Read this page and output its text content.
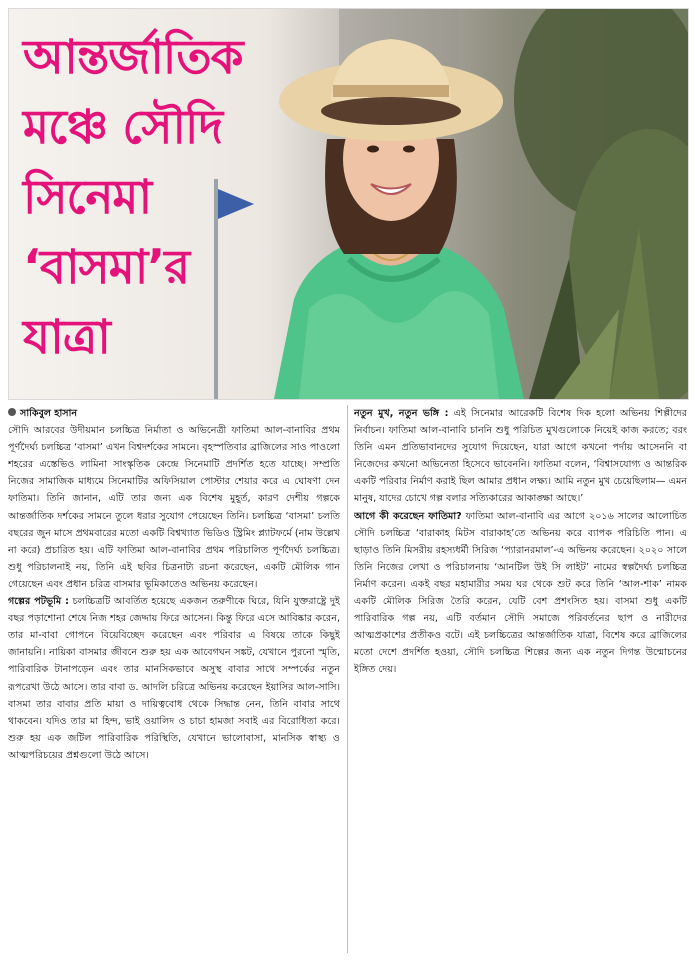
আন্তর্জাতিক
মঞ্চে সৌদি
সিনেমা
‘বাসমা’র
যাত্রা
সাকিবুল হাসান

সৌদি আরবের উদীয়মান চলচ্চিত্র নির্মাতা ও অভিনেত্রী ফাতিমা আল-বানাবির প্রথম পূর্ণদৈর্ঘ্য চলচ্চিত্র ‘বাসমা’ এখন বিশ্বদর্শকের সামনে। বৃহস্পতিবার ব্রাজিলের সাও পাওলো শহরের এস্তেভিও লামিনা সাংস্কৃতিক কেন্দ্রে সিনেমাটি প্রদর্শিত হতে যাচ্ছে। সম্প্রতি নিজের সামাজিক মাধ্যমে সিনেমাটির অফিসিয়াল পোস্টার শেয়ার করে এ ঘোষণা দেন ফাতিমা। তিনি জানান, এটি তার জন্য এক বিশেষ মুহূর্ত, কারণ দেশীয় গল্পকে আন্তর্জাতিক দর্শকের সামনে তুলে ধরার সুযোগ পেয়েছেন তিনি। চলচ্চিত্র ‘বাসমা’ চলতি বছরের জুন মাসে প্রথমবারের মতো একটি বিশ্বখ্যাত ভিডিও স্ট্রিমিং প্ল্যাটফর্মে (নাম উল্লেখ না করে) প্রচারিত হয়। এটি ফাতিমা আল-বানাবির প্রথম পরিচালিত পূর্ণদৈর্ঘ্য চলচ্চিত্র। শুধু পরিচালনাই নয়, তিনি এই ছবির চিত্রনাট্য রচনা করেছেন, একটি মৌলিক গান গেয়েছেন এবং প্রধান চরিত্র বাসমার ভূমিকাতেও অভিনয় করেছেন।

গল্পের পটভূমি : চলচ্চিত্রটি আবর্তিত হয়েছে একজন তরুণীকে ঘিরে, যিনি যুক্তরাষ্ট্রে দুই বছর পড়াশোনা শেষে নিজ শহর জেদ্দায় ফিরে আসেন। কিন্তু ফিরে এসে আবিষ্কার করেন, তার মা-বাবা গোপনে বিয়েবিচ্ছেদ করেছেন এবং পরিবার এ বিষয়ে তাকে কিছুই জানায়নি। নায়িকা বাসমার জীবনে শুরু হয় এক আবেগঘন সঙ্কট, যেখানে পুরনো স্মৃতি, পারিবারিক টানাপড়েন এবং তার মানসিকভাবে অসুস্থ বাবার সাথে সম্পর্কের নতুন রূপরেখা উঠে আসে। তার বাবা ড. আদলি চরিত্রে অভিনয় করেছেন ইয়াসির আল-সাসি। বাসমা তার বাবার প্রতি মায়া ও দায়িত্ববোধ থেকে সিদ্ধান্ত নেন, তিনি বাবার সাথে থাকবেন। যদিও তার মা হিন্দ, ভাই ওয়ালিদ ও চাচা হামজা সবাই এর বিরোধিতা করে। শুরু হয় এক জটিল পারিবারিক পরিস্থিতি, যেখানে ভালোবাসা, মানসিক স্বাস্থ্য ও আত্মপরিচয়ের প্রশ্নগুলো উঠে আসে।

নতুন মুখ, নতুন ভঙ্গি : এই সিনেমার আরেকটি বিশেষ দিক হলো অভিনয় শিল্পীদের নির্বাচন। ফাতিমা আল-বানাবি চাননি শুধু পরিচিত মুখগুলোকে নিয়েই কাজ করতে; বরং তিনি এমন প্রতিভাবানদের সুযোগ দিয়েছেন, যারা আগে কখনো পর্দায় আসেননি বা নিজেদের কখনো অভিনেতা হিসেবে ভাবেননি। ফাতিমা বলেন, ‘বিশ্বাসযোগ্য ও আন্তরিক একটি পরিবার নির্মাণ করাই ছিল আমার প্রধান লক্ষ্য। আমি নতুন মুখ চেয়েছিলাম— এমন মানুষ, যাদের চোখে গল্প বলার সত্যিকারের আকাঙ্ক্ষা আছে।’

আগে কী করেছেন ফাতিমা? ফাতিমা আল-বানাবি এর আগে ২০১৬ সালের আলোচিত সৌদি চলচ্চিত্র ‘বারাকাহ মিটস বারাকাহ’তে অভিনয় করে ব্যাপক পরিচিতি পান। এ ছাড়াও তিনি মিসরীয় রহস্যধর্মী সিরিজ ‘প্যারানরমাল’-এ অভিনয় করেছেন। ২০২০ সালে তিনি নিজের লেখা ও পরিচালনায় ‘আনটিল উই সি লাইট’ নামের স্বল্পদৈর্ঘ্য চলচ্চিত্র নির্মাণ করেন। একই বছর মহামারীর সময় ঘর থেকে শুট করে তিনি ‘আল-শাক’ নামক একটি মৌলিক সিরিজ তৈরি করেন, যেটি বেশ প্রশংসিত হয়। বাসমা শুধু একটি পারিবারিক গল্প নয়, এটি বর্তমান সৌদি সমাজে পরিবর্তনের ছাপ ও নারীদের আত্মপ্রকাশের প্রতীকও বটে। এই চলচ্চিত্রের আন্তর্জাতিক যাত্রা, বিশেষ করে ব্রাজিলের মতো দেশে প্রদর্শিত হওয়া, সৌদি চলচ্চিত্র শিল্পের জন্য এক নতুন দিগন্ত উন্মোচনের ইঙ্গিত দেয়।
